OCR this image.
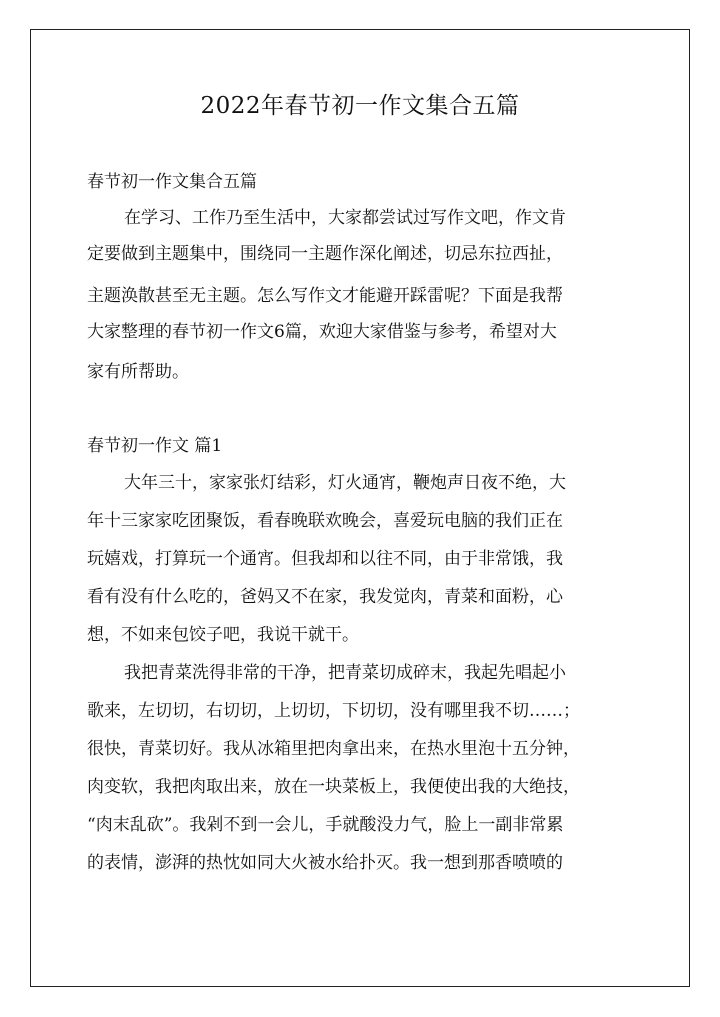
2022年春节初一作文集合五篇
春节初一作文集合五篇
在学习、工作乃至生活中，大家都尝试过写作文吧，作文肯
定要做到主题集中，围绕同一主题作深化阐述，切忌东拉西扯，
主题涣散甚至无主题。怎么写作文才能避开踩雷呢？下面是我帮
大家整理的春节初一作文6篇，欢迎大家借鉴与参考，希望对大
家有所帮助。
春节初一作文 篇1
大年三十，家家张灯结彩，灯火通宵，鞭炮声日夜不绝，大
年十三家家吃团聚饭，看春晚联欢晚会，喜爱玩电脑的我们正在
玩嬉戏，打算玩一个通宵。但我却和以往不同，由于非常饿，我
看有没有什么吃的，爸妈又不在家，我发觉肉，青菜和面粉，心
想，不如来包饺子吧，我说干就干。
我把青菜洗得非常的干净，把青菜切成碎末，我起先唱起小
歌来，左切切，右切切，上切切，下切切，没有哪里我不切……；
很快，青菜切好。我从冰箱里把肉拿出来，在热水里泡十五分钟，
肉变软，我把肉取出来，放在一块菜板上，我便使出我的大绝技，
“肉末乱砍”。我剁不到一会儿，手就酸没力气，脸上一副非常累
的表情，澎湃的热忱如同大火被水给扑灭。我一想到那香喷喷的
